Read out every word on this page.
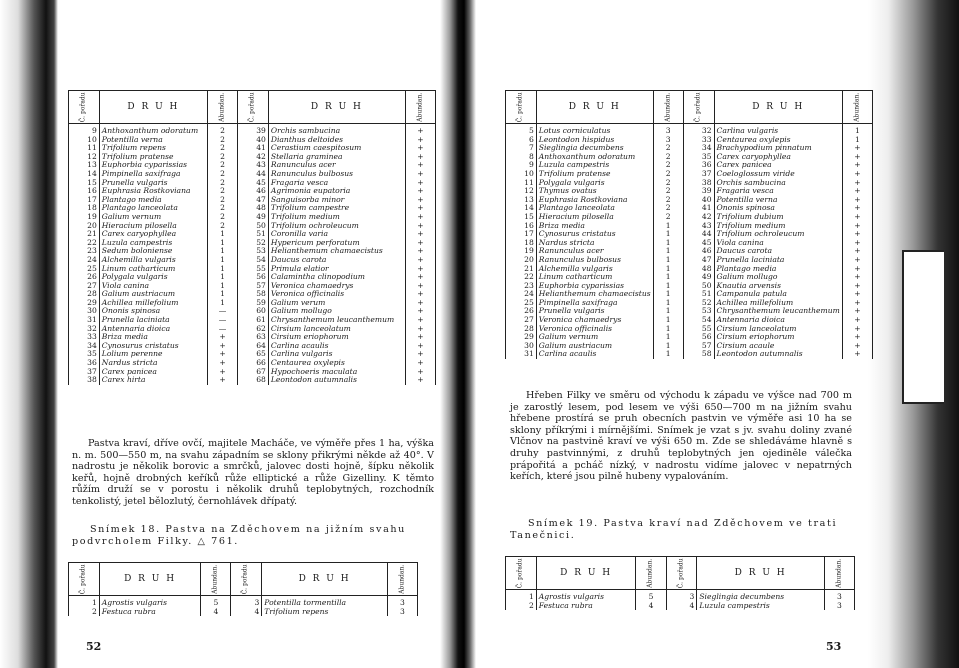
Č. pořadu	D R U H	Abundan.	Č. pořadu	D R U H	Abundan.
9	Anthoxanthum odoratum	2	39	Orchis sambucina	+
10	Potentilla verna	2	40	Dianthus deltoides	+
11	Trifolium repens	2	41	Cerastium caespitosum	+
12	Trifolium pratense	2	42	Stellaria graminea	+
13	Euphorbia cyparissias	2	43	Ranunculus acer	+
14	Pimpinella saxifraga	2	44	Ranunculus bulbosus	+
15	Prunella vulgaris	2	45	Fragaria vesca	+
16	Euphrasia Rostkoviana	2	46	Agrimonia eupatoria	+
17	Plantago media	2	47	Sanguisorba minor	+
18	Plantago lanceolata	2	48	Trifolium campestre	+
19	Galium vernum	2	49	Trifolium medium	+
20	Hieracium pilosella	2	50	Trifolium ochroleucum	+
21	Carex caryophyllea	1	51	Coronilla varia	+
22	Luzula campestris	1	52	Hypericum perforatum	+
23	Sedum boloniense	1	53	Helianthemum chamaecistus	+
24	Alchemilla vulgaris	1	54	Daucus carota	+
25	Linum catharticum	1	55	Primula elatior	+
26	Polygala vulgaris	1	56	Calamintha clinopodium	+
27	Viola canina	1	57	Veronica chamaedrys	+
28	Galium austriacum	1	58	Veronica officinalis	+
29	Achillea millefolium	1	59	Galium verum	+
30	Ononis spinosa	—	60	Galium mollugo	+
31	Prunella laciniata	—	61	Chrysanthemum leucanthemum	+
32	Antennaria dioica	—	62	Cirsium lanceolatum	+
33	Briza media	+	63	Cirsium eriophorum	+
34	Cynosurus cristatus	+	64	Carlina acaulis	+
35	Lolium perenne	+	65	Carlina vulgaris	+
36	Nardus stricta	+	66	Centaurea oxylepis	+
37	Carex panicea	+	67	Hypochoeris maculata	+
38	Carex hirta	+	68	Leontodon autumnalis	+

Pastva kraví, dříve ovčí, majitele Macháče, ve výměře přes 1 ha, výška n. m. 500—550 m, na svahu západním se sklony přikrými někde až 40°. V nadrostu je několik borovic a smrčků, jalovec dosti hojně, šípku několik keřů, hojně drobných keříků růže elliptické a růže Gizelliny. K těmto růžím druží se v porostu i několik druhů teplobytných, rozchodník tenkolistý, jetel bělozlutý, černohlávek dřípatý.

Snímek 18. Pastva na Zděchovem na jižním svahu podvrcholem Filky. △ 761.

Č. pořadu	D R U H	Abundan.	Č. pořadu	D R U H	Abundan.
1	Agrostis vulgaris	5	3	Potentilla tormentilla	3
2	Festuca rubra	4	4	Trifolium repens	3
52
Č. pořadu	D R U H	Abundan.	Č. pořadu	D R U H	Abundan.
5	Lotus corniculatus	3	32	Carlina vulgaris	1
6	Leontodon hispidus	3	33	Centaurea oxylepis	1
7	Sieglingia decumbens	2	34	Brachypodium pinnatum	+
8	Anthoxanthum odoratum	2	35	Carex caryophyllea	+
9	Luzula campestris	2	36	Carex panicea	+
10	Trifolium pratense	2	37	Coeloglossum viride	+
11	Polygala vulgaris	2	38	Orchis sambucina	+
12	Thymus ovatus	2	39	Fragaria vesca	+
13	Euphrasia Rostkoviana	2	40	Potentilla verna	+
14	Plantago lanceolata	2	41	Ononis spinosa	+
15	Hieracium pilosella	2	42	Trifolium dubium	+
16	Briza media	1	43	Trifolium medium	+
17	Cynosurus cristatus	1	44	Trifolium ochroleucum	+
18	Nardus stricta	1	45	Viola canina	+
19	Ranunculus acer	1	46	Daucus carota	+
20	Ranunculus bulbosus	1	47	Prunella laciniata	+
21	Alchemilla vulgaris	1	48	Plantago media	+
22	Linum catharticum	1	49	Galium mollugo	+
23	Euphorbia cyparissias	1	50	Knautia arvensis	+
24	Helianthemum chamaecistus	1	51	Campanula patula	+
25	Pimpinella saxifraga	1	52	Achillea millefolium	+
26	Prunella vulgaris	1	53	Chrysanthemum leucanthemum	+
27	Veronica chamaedrys	1	54	Antennaria dioica	+
28	Veronica officinalis	1	55	Cirsium lanceolatum	+
29	Galium vernum	1	56	Cirsium eriophorum	+
30	Galium austriacum	1	57	Cirsium acaule	+
31	Carlina acaulis	1	58	Leontodon autumnalis	+

Hřeben Filky ve směru od východu k západu ve výšce nad 700 m je zarostlý lesem, pod lesem ve výši 650—700 m na jižním svahu hřebene prostírá se pruh obecních pastvin ve výměře asi 10 ha se sklony příkrými i mírnějšími. Snímek je vzat s jv. svahu doliny zvané Vlčnov na pastvině kraví ve výši 650 m. Zde se shledáváme hlavně s druhy pastvinnými, z druhů teplobytných jen ojediněle válečka prápořitá a pcháč nízký, v nadrostu vidíme jalovec v nepatrných keřích, které jsou pilně hubeny vypalováním.

Snímek 19. Pastva kraví nad Zděchovem ve trati Tanečnici.

Č. pořadu	D R U H	Abundan.	Č. pořadu	D R U H	Abundan.
1	Agrostis vulgaris	5	3	Sieglingia decumbens	3
2	Festuca rubra	4	4	Luzula campestris	3
53
